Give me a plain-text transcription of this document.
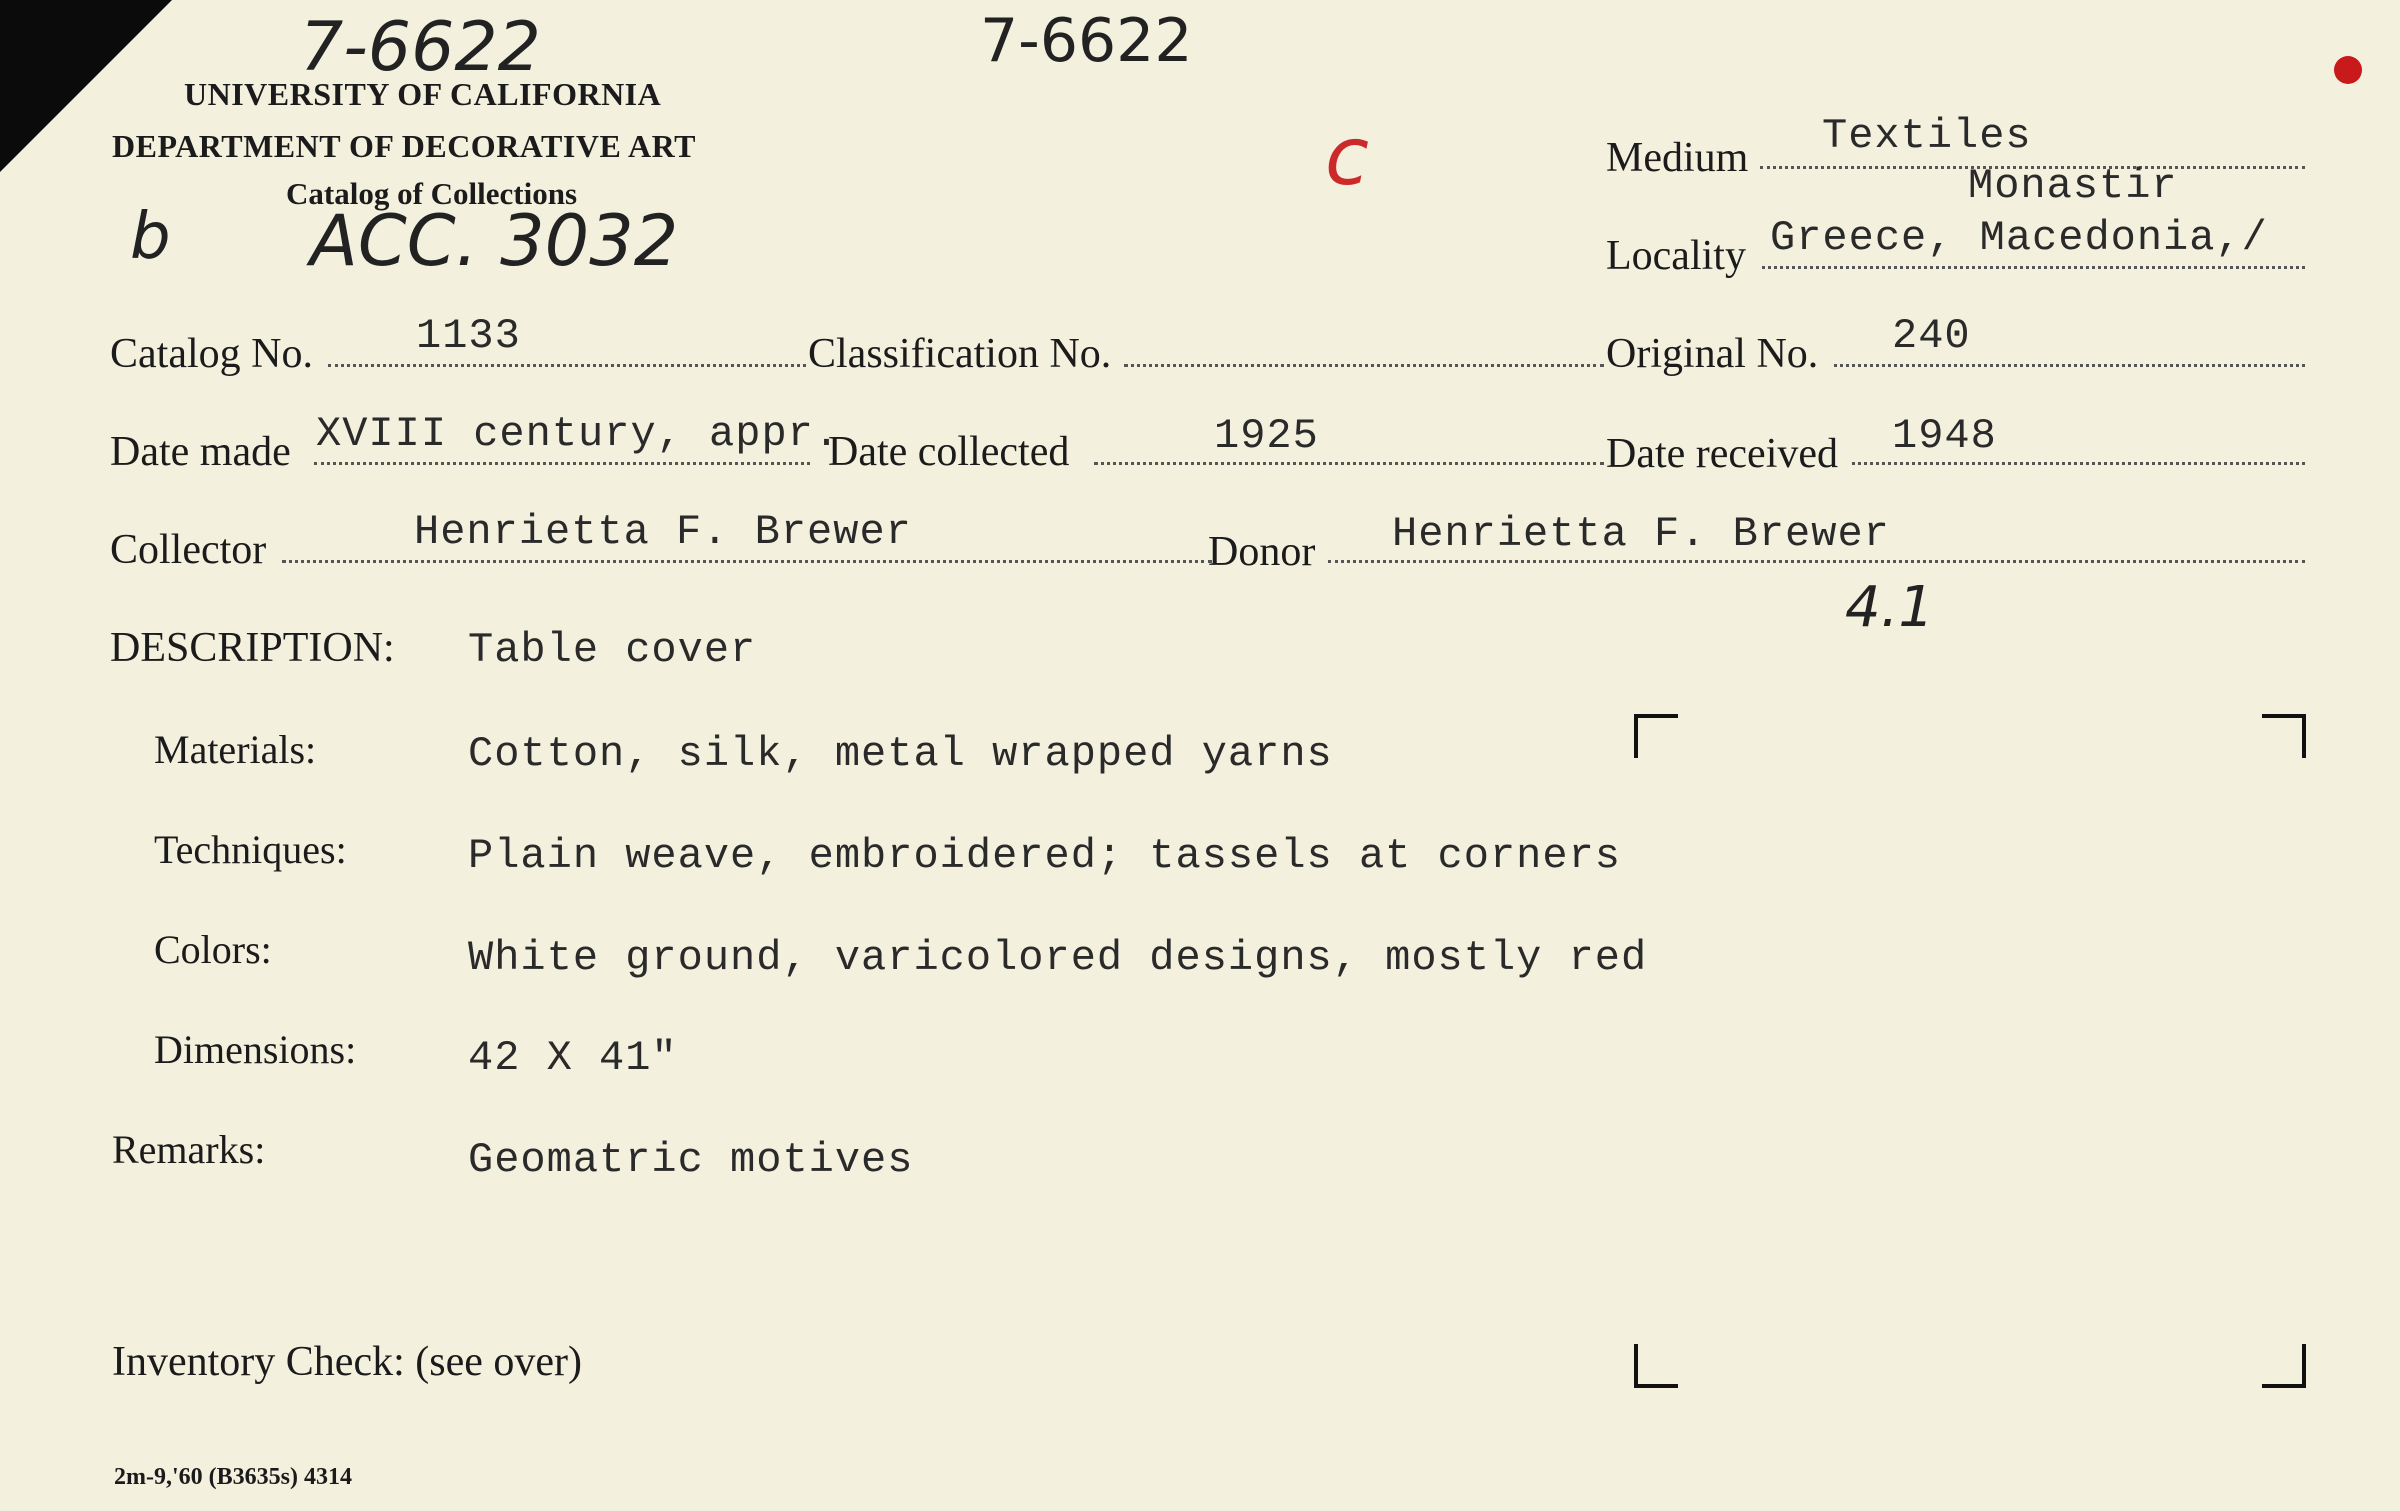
7-6622	7-6622
ACC. 3032
b
c
4.1
UNIVERSITY OF CALIFORNIA
DEPARTMENT OF DECORATIVE ART
Catalog of Collections
Medium Textiles
Monastir
Locality Greece, Macedonia,/
Catalog No. 1133	Classification No.	Original No. 240
Date made XVIII century, appr.
Date collected	1925	Date received 1948
Collector	Henrietta F. Brewer	Donor Henrietta F. Brewer
DESCRIPTION: Table cover
Materials:	Cotton, silk, metal wrapped yarns
Techniques:	Plain weave, embroidered; tassels at corners
Colors:	White ground, varicolored designs, mostly red
Dimensions:	42 X 41"
Remarks:	Geomatric motives
Inventory Check: (see over)
2m-9,'60 (B3635s) 4314
